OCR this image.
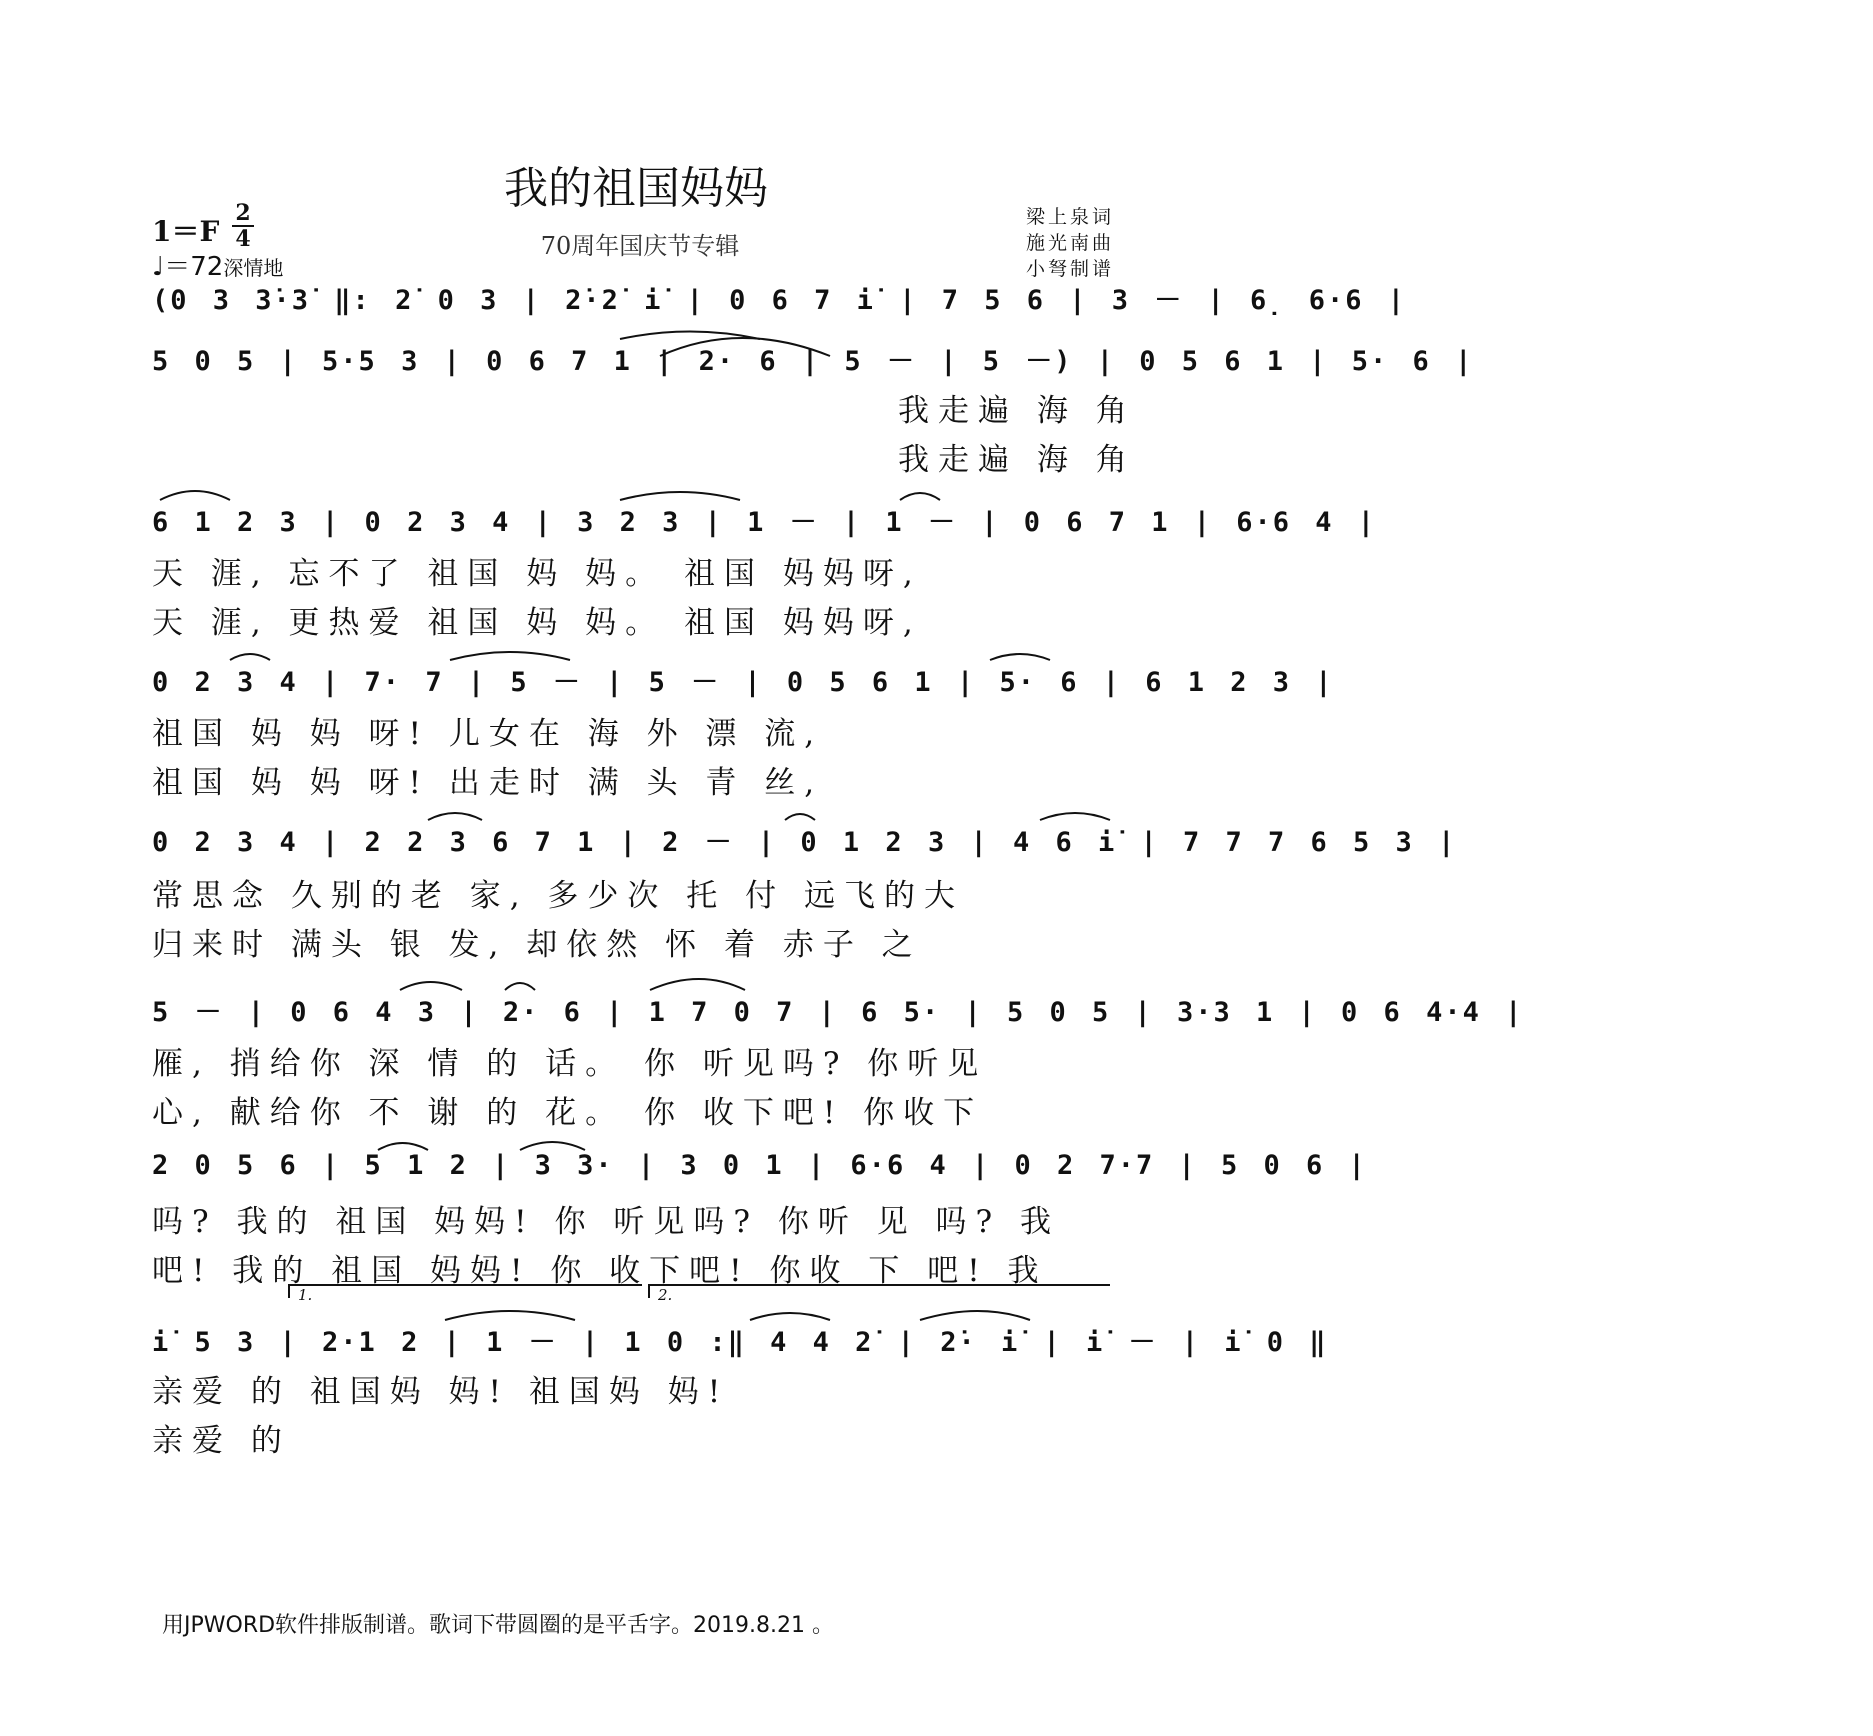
我的祖国妈妈
70周年国庆节专辑
1＝F
2
4
♩＝72深情地
梁上泉词
施光南曲
小弩制谱
(0 3 3̇·3̇ ‖: 2̇ 0 3 | 2̇·2̇ i̇ | 0 6 7 i̇ | 7 5 6 | 3 － | 6̣ 6·6 |
5 0 5 | 5·5 3 | 0 6 7 1 | 2· 6 | 5 － | 5 －) | 0 5 6 1 | 5· 6 |
我走遍 海 角
我走遍 海 角
6 1 2 3 | 0 2 3 4 | 3 2 3 | 1 － | 1 － | 0 6 7 1 | 6·6 4 |
天 涯, 忘不了 祖国 妈 妈。 祖国 妈妈呀,
天 涯, 更热爱 祖国 妈 妈。 祖国 妈妈呀,
0 2 3 4 | 7· 7 | 5 － | 5 － | 0 5 6 1 | 5· 6 | 6 1 2 3 |
祖国 妈 妈 呀! 儿女在 海 外 漂 流,
祖国 妈 妈 呀! 出走时 满 头 青 丝,
0 2 3 4 | 2 2 3 6 7 1 | 2 － | 0 1 2 3 | 4 6 i̇ | 7 7 7 6 5 3 |
常思念 久别的老 家, 多少次 托 付 远飞的大
归来时 满头 银 发, 却依然 怀 着 赤子 之
5 － | 0 6 4 3 | 2· 6 | 1 7 0 7 | 6 5· | 5 0 5 | 3·3 1 | 0 6 4·4 |
雁, 捎给你 深 情 的 话。 你 听见吗? 你听见
心, 献给你 不 谢 的 花。 你 收下吧! 你收下
2 0 5 6 | 5 1 2 | 3 3· | 3 0 1 | 6·6 4 | 0 2 7·7 | 5 0 6 |
吗? 我的 祖国 妈妈! 你 听见吗? 你听 见 吗? 我
吧! 我的 祖国 妈妈! 你 收下吧! 你收 下 吧! 我
1.	2.
i̇ 5 3 | 2·1 2 | 1 － | 1 0 :‖ 4 4 2̇ | 2̇· i̇ | i̇ － | i̇ 0 ‖
亲爱 的 祖国妈 妈! 祖国妈 妈!
亲爱 的
用JPWORD软件排版制谱。歌词下带圆圈的是平舌字。2019.8.21 。
